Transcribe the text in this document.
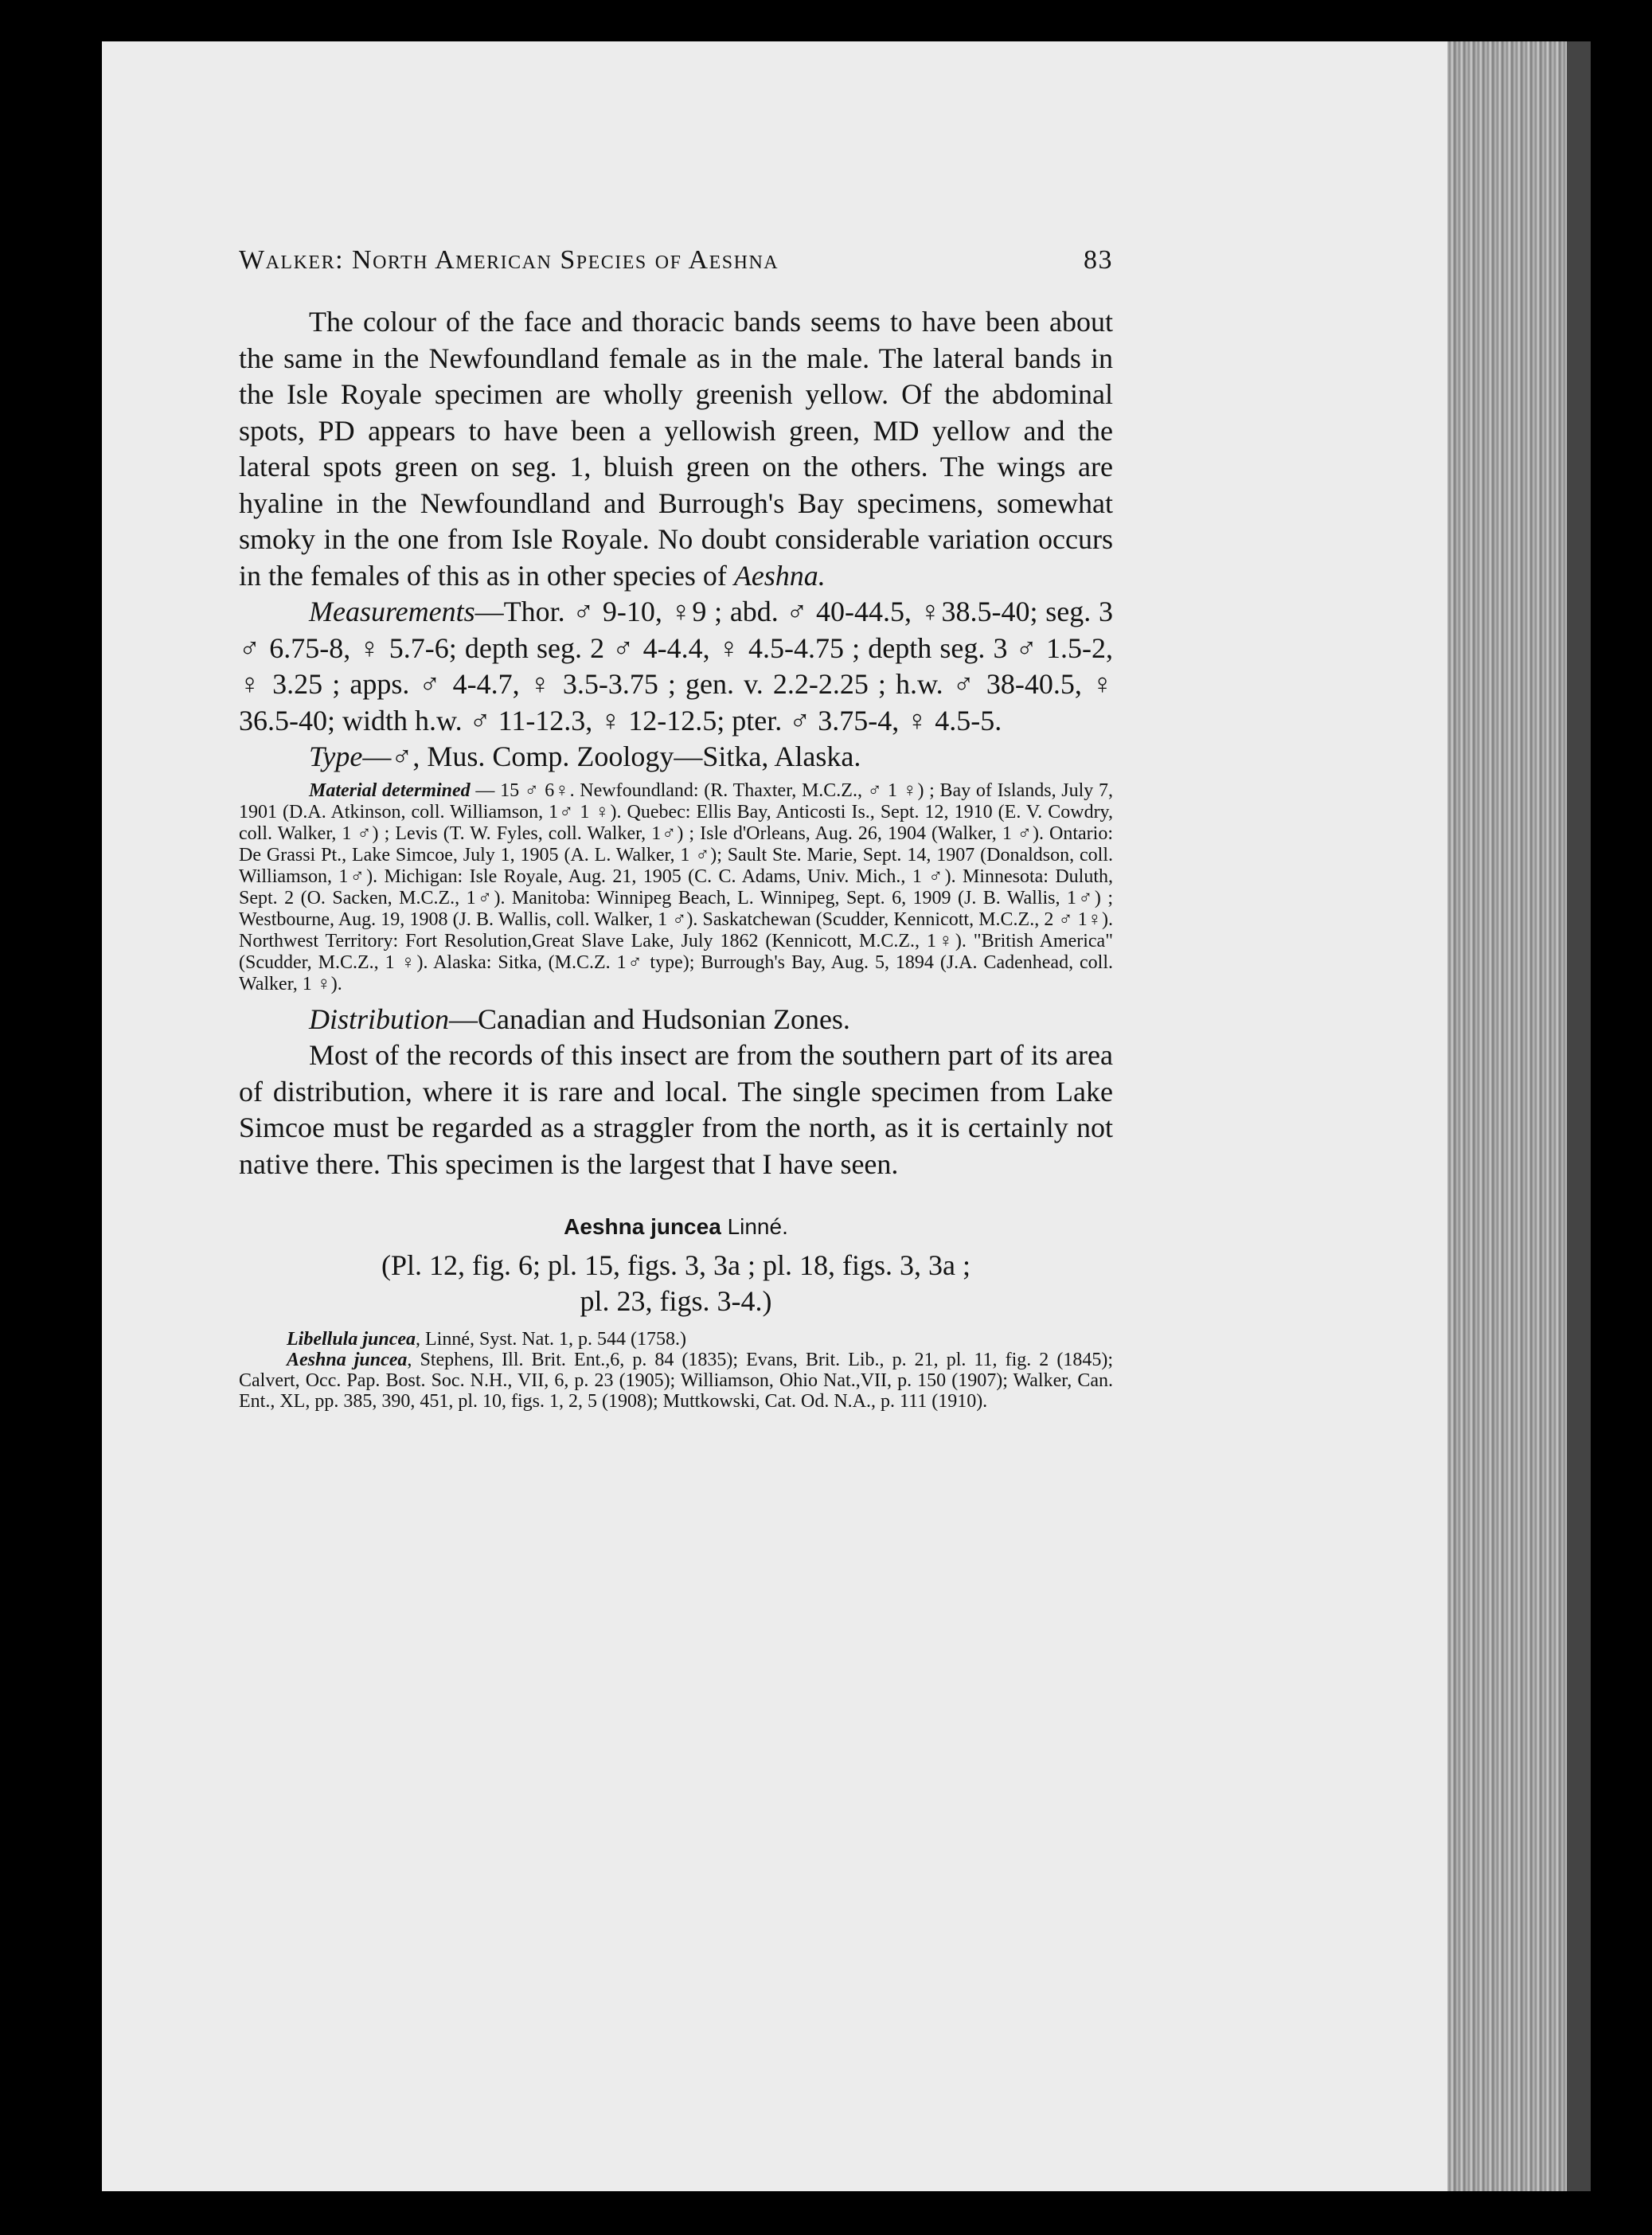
Walker: North American Species of Aeshna	83

The colour of the face and thoracic bands seems to have been about the same in the Newfoundland female as in the male. The lateral bands in the Isle Royale specimen are wholly greenish yellow. Of the abdominal spots, PD appears to have been a yellowish green, MD yellow and the lateral spots green on seg. 1, bluish green on the others. The wings are hyaline in the Newfoundland and Burrough's Bay specimens, somewhat smoky in the one from Isle Royale. No doubt considerable variation occurs in the females of this as in other species of Aeshna.

Measurements—Thor. ♂ 9-10, ♀9 ; abd. ♂ 40-44.5, ♀38.5-40; seg. 3 ♂ 6.75-8, ♀ 5.7-6; depth seg. 2 ♂ 4-4.4, ♀ 4.5-4.75 ; depth seg. 3 ♂ 1.5-2, ♀ 3.25 ; apps. ♂ 4-4.7, ♀ 3.5-3.75 ; gen. v. 2.2-2.25 ; h.w. ♂ 38-40.5, ♀ 36.5-40; width h.w. ♂ 11-12.3, ♀ 12-12.5; pter. ♂ 3.75-4, ♀ 4.5-5.

Type—♂, Mus. Comp. Zoology—Sitka, Alaska.

Material determined — 15 ♂ 6♀. Newfoundland: (R. Thaxter, M.C.Z., ♂ 1 ♀) ; Bay of Islands, July 7, 1901 (D.A. Atkinson, coll. Williamson, 1♂ 1 ♀). Quebec: Ellis Bay, Anticosti Is., Sept. 12, 1910 (E. V. Cowdry, coll. Walker, 1 ♂) ; Levis (T. W. Fyles, coll. Walker, 1♂) ; Isle d'Orleans, Aug. 26, 1904 (Walker, 1 ♂). Ontario: De Grassi Pt., Lake Simcoe, July 1, 1905 (A. L. Walker, 1 ♂); Sault Ste. Marie, Sept. 14, 1907 (Donaldson, coll. Williamson, 1♂). Michigan: Isle Royale, Aug. 21, 1905 (C. C. Adams, Univ. Mich., 1 ♂). Minnesota: Duluth, Sept. 2 (O. Sacken, M.C.Z., 1♂). Manitoba: Winnipeg Beach, L. Winnipeg, Sept. 6, 1909 (J. B. Wallis, 1♂) ; Westbourne, Aug. 19, 1908 (J. B. Wallis, coll. Walker, 1 ♂). Saskatchewan (Scudder, Kennicott, M.C.Z., 2 ♂ 1♀). Northwest Territory: Fort Resolution,Great Slave Lake, July 1862 (Kennicott, M.C.Z., 1♀). "British America" (Scudder, M.C.Z., 1 ♀). Alaska: Sitka, (M.C.Z. 1♂ type); Burrough's Bay, Aug. 5, 1894 (J.A. Cadenhead, coll. Walker, 1 ♀).

Distribution—Canadian and Hudsonian Zones.

Most of the records of this insect are from the southern part of its area of distribution, where it is rare and local. The single specimen from Lake Simcoe must be regarded as a straggler from the north, as it is certainly not native there. This specimen is the largest that I have seen.

Aeshna juncea Linné.
(Pl. 12, fig. 6; pl. 15, figs. 3, 3a ; pl. 18, figs. 3, 3a ;
pl. 23, figs. 3-4.)
Libellula juncea, Linné, Syst. Nat. 1, p. 544 (1758.)
Aeshna juncea, Stephens, Ill. Brit. Ent.,6, p. 84 (1835); Evans, Brit. Lib., p. 21, pl. 11, fig. 2 (1845); Calvert, Occ. Pap. Bost. Soc. N.H., VII, 6, p. 23 (1905); Williamson, Ohio Nat.,VII, p. 150 (1907); Walker, Can. Ent., XL, pp. 385, 390, 451, pl. 10, figs. 1, 2, 5 (1908); Muttkowski, Cat. Od. N.A., p. 111 (1910).
